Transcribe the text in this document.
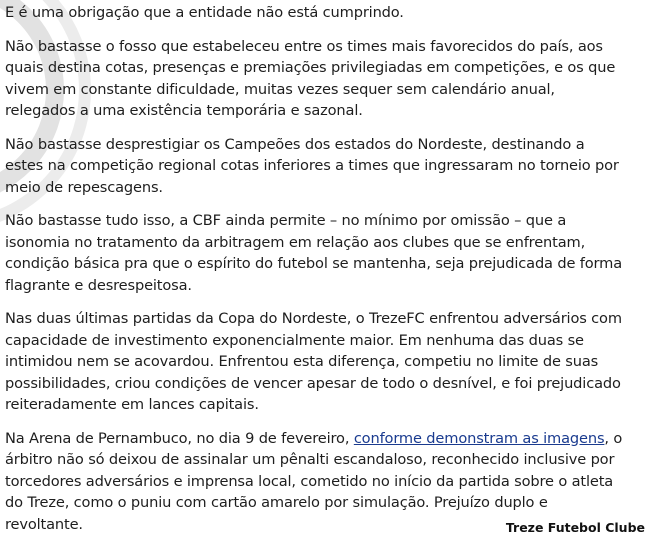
E é uma obrigação que a entidade não está cumprindo.

Não bastasse o fosso que estabeleceu entre os times mais favorecidos do país, aos quais destina cotas, presenças e premiações privilegiadas em competições, e os que vivem em constante dificuldade, muitas vezes sequer sem calendário anual, relegados a uma existência temporária e sazonal.

Não bastasse desprestigiar os Campeões dos estados do Nordeste, destinando a estes na competição regional cotas inferiores a times que ingressaram no torneio por meio de repescagens.

Não bastasse tudo isso, a CBF ainda permite – no mínimo por omissão – que a isonomia no tratamento da arbitragem em relação aos clubes que se enfrentam, condição básica pra que o espírito do futebol se mantenha, seja prejudicada de forma flagrante e desrespeitosa.

Nas duas últimas partidas da Copa do Nordeste, o TrezeFC enfrentou adversários com capacidade de investimento exponencialmente maior. Em nenhuma das duas se intimidou nem se acovardou. Enfrentou esta diferença, competiu no limite de suas possibilidades, criou condições de vencer apesar de todo o desnível, e foi prejudicado reiteradamente em lances capitais.

Na Arena de Pernambuco, no dia 9 de fevereiro, conforme demonstram as imagens, o árbitro não só deixou de assinalar um pênalti escandaloso, reconhecido inclusive por torcedores adversários e imprensa local, cometido no início da partida sobre o atleta do Treze, como o puniu com cartão amarelo por simulação. Prejuízo duplo e revoltante.	Treze Futebol Clube
